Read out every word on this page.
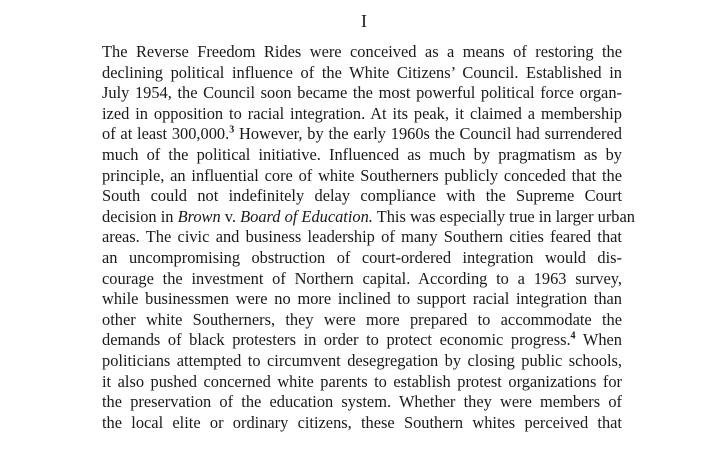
I
The Reverse Freedom Rides were conceived as a means of restoring the
declining political influence of the White Citizens’ Council. Established in
July 1954, the Council soon became the most powerful political force organ-
ized in opposition to racial integration. At its peak, it claimed a membership
of at least 300,000.$^3$ However, by the early 1960s the Council had surrendered
much of the political initiative. Influenced as much by pragmatism as by
principle, an influential core of white Southerners publicly conceded that the
South could not indefinitely delay compliance with the Supreme Court
decision in Brown v. Board of Education. This was especially true in larger urban
areas. The civic and business leadership of many Southern cities feared that
an uncompromising obstruction of court-ordered integration would dis-
courage the investment of Northern capital. According to a 1963 survey,
while businessmen were no more inclined to support racial integration than
other white Southerners, they were more prepared to accommodate the
demands of black protesters in order to protect economic progress.$^4$ When
politicians attempted to circumvent desegregation by closing public schools,
it also pushed concerned white parents to establish protest organizations for
the preservation of the education system. Whether they were members of
the local elite or ordinary citizens, these Southern whites perceived that
